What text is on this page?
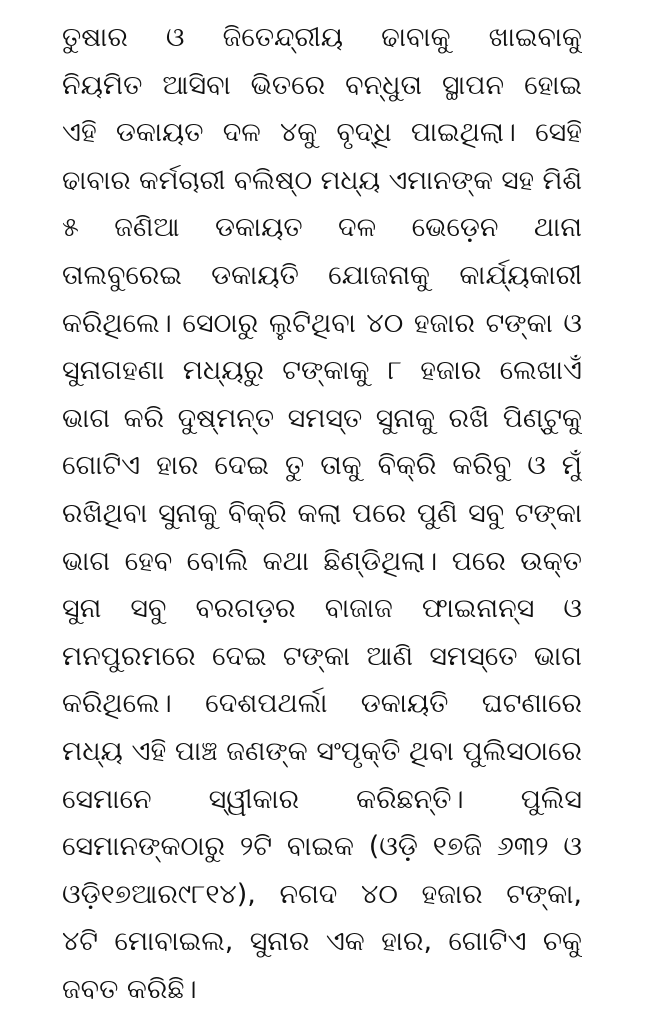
ତୁଷାର ଓ ଜିତେନ୍ଦ୍ରୀୟ ଢାବାକୁ ଖାଇବାକୁ
ନିୟମିତ ଆସିବା ଭିତରେ ବନ୍ଧୁତା ସ୍ଥାପନ ହୋଇ
ଏହି ଡକାୟତ ଦଳ ୪କୁ ବୃଦ୍ଧି ପାଇଥିଲା। ସେହି
ଢାବାର କର୍ମଚାରୀ ବଲିଷ୍ଠ ମଧ୍ୟ ଏମାନଙ୍କ ସହ ମିଶି
୫ ଜଣିଆ ଡକାୟତ ଦଳ ଭେଡ଼େନ ଥାନା
ତାଲବୁରେଇ ଡକାୟତି ଯୋଜନାକୁ କାର୍ଯ୍ୟକାରୀ
କରିଥିଲେ। ସେଠାରୁ ଲୁଟିଥିବା ୪୦ ହଜାର ଟଙ୍କା ଓ
ସୁନାଗହଣା ମଧ୍ୟରୁ ଟଙ୍କାକୁ ୮ ହଜାର ଲେଖାଏଁ
ଭାଗ କରି ଦୁଷ୍ମନ୍ତ ସମସ୍ତ ସୁନାକୁ ରଖି ପିଣ୍ଟୁକୁ
ଗୋଟିଏ ହାର ଦେଇ ତୁ ତାକୁ ବିକ୍ରି କରିବୁ ଓ ମୁଁ
ରଖିଥିବା ସୁନାକୁ ବିକ୍ରି କଲା ପରେ ପୁଣି ସବୁ ଟଙ୍କା
ଭାଗ ହେବ ବୋଲି କଥା ଛିଣ୍ଡିଥିଲା। ପରେ ଉକ୍ତ
ସୁନା ସବୁ ବରଗଡ଼ର ବାଜାଜ ଫାଇନାନ୍ସ ଓ
ମନପୁରମରେ ଦେଇ ଟଙ୍କା ଆଣି ସମସ୍ତେ ଭାଗ
କରିଥିଲେ। ଦେଶପଥର୍ଲା ଡକାୟତି ଘଟଣାରେ
ମଧ୍ୟ ଏହି ପାଞ୍ଚ ଜଣଙ୍କ ସଂପୃକ୍ତି ଥିବା ପୁଲିସଠାରେ
ସେମାନେ ସ୍ୱୀକାର କରିଛନ୍ତି। ପୁଲିସ
ସେମାନଙ୍କଠାରୁ ୨ଟି ବାଇକ (ଓଡ଼ି ୧୭ଜି ୬୩୨ ଓ
ଓଡ଼ି୧୭ଆର୯୮୧୪), ନଗଦ ୪୦ ହଜାର ଟଙ୍କା,
୪ଟି ମୋବାଇଲ, ସୁନାର ଏକ ହାର, ଗୋଟିଏ ଚକୁ
ଜବତ କରିଛି।
